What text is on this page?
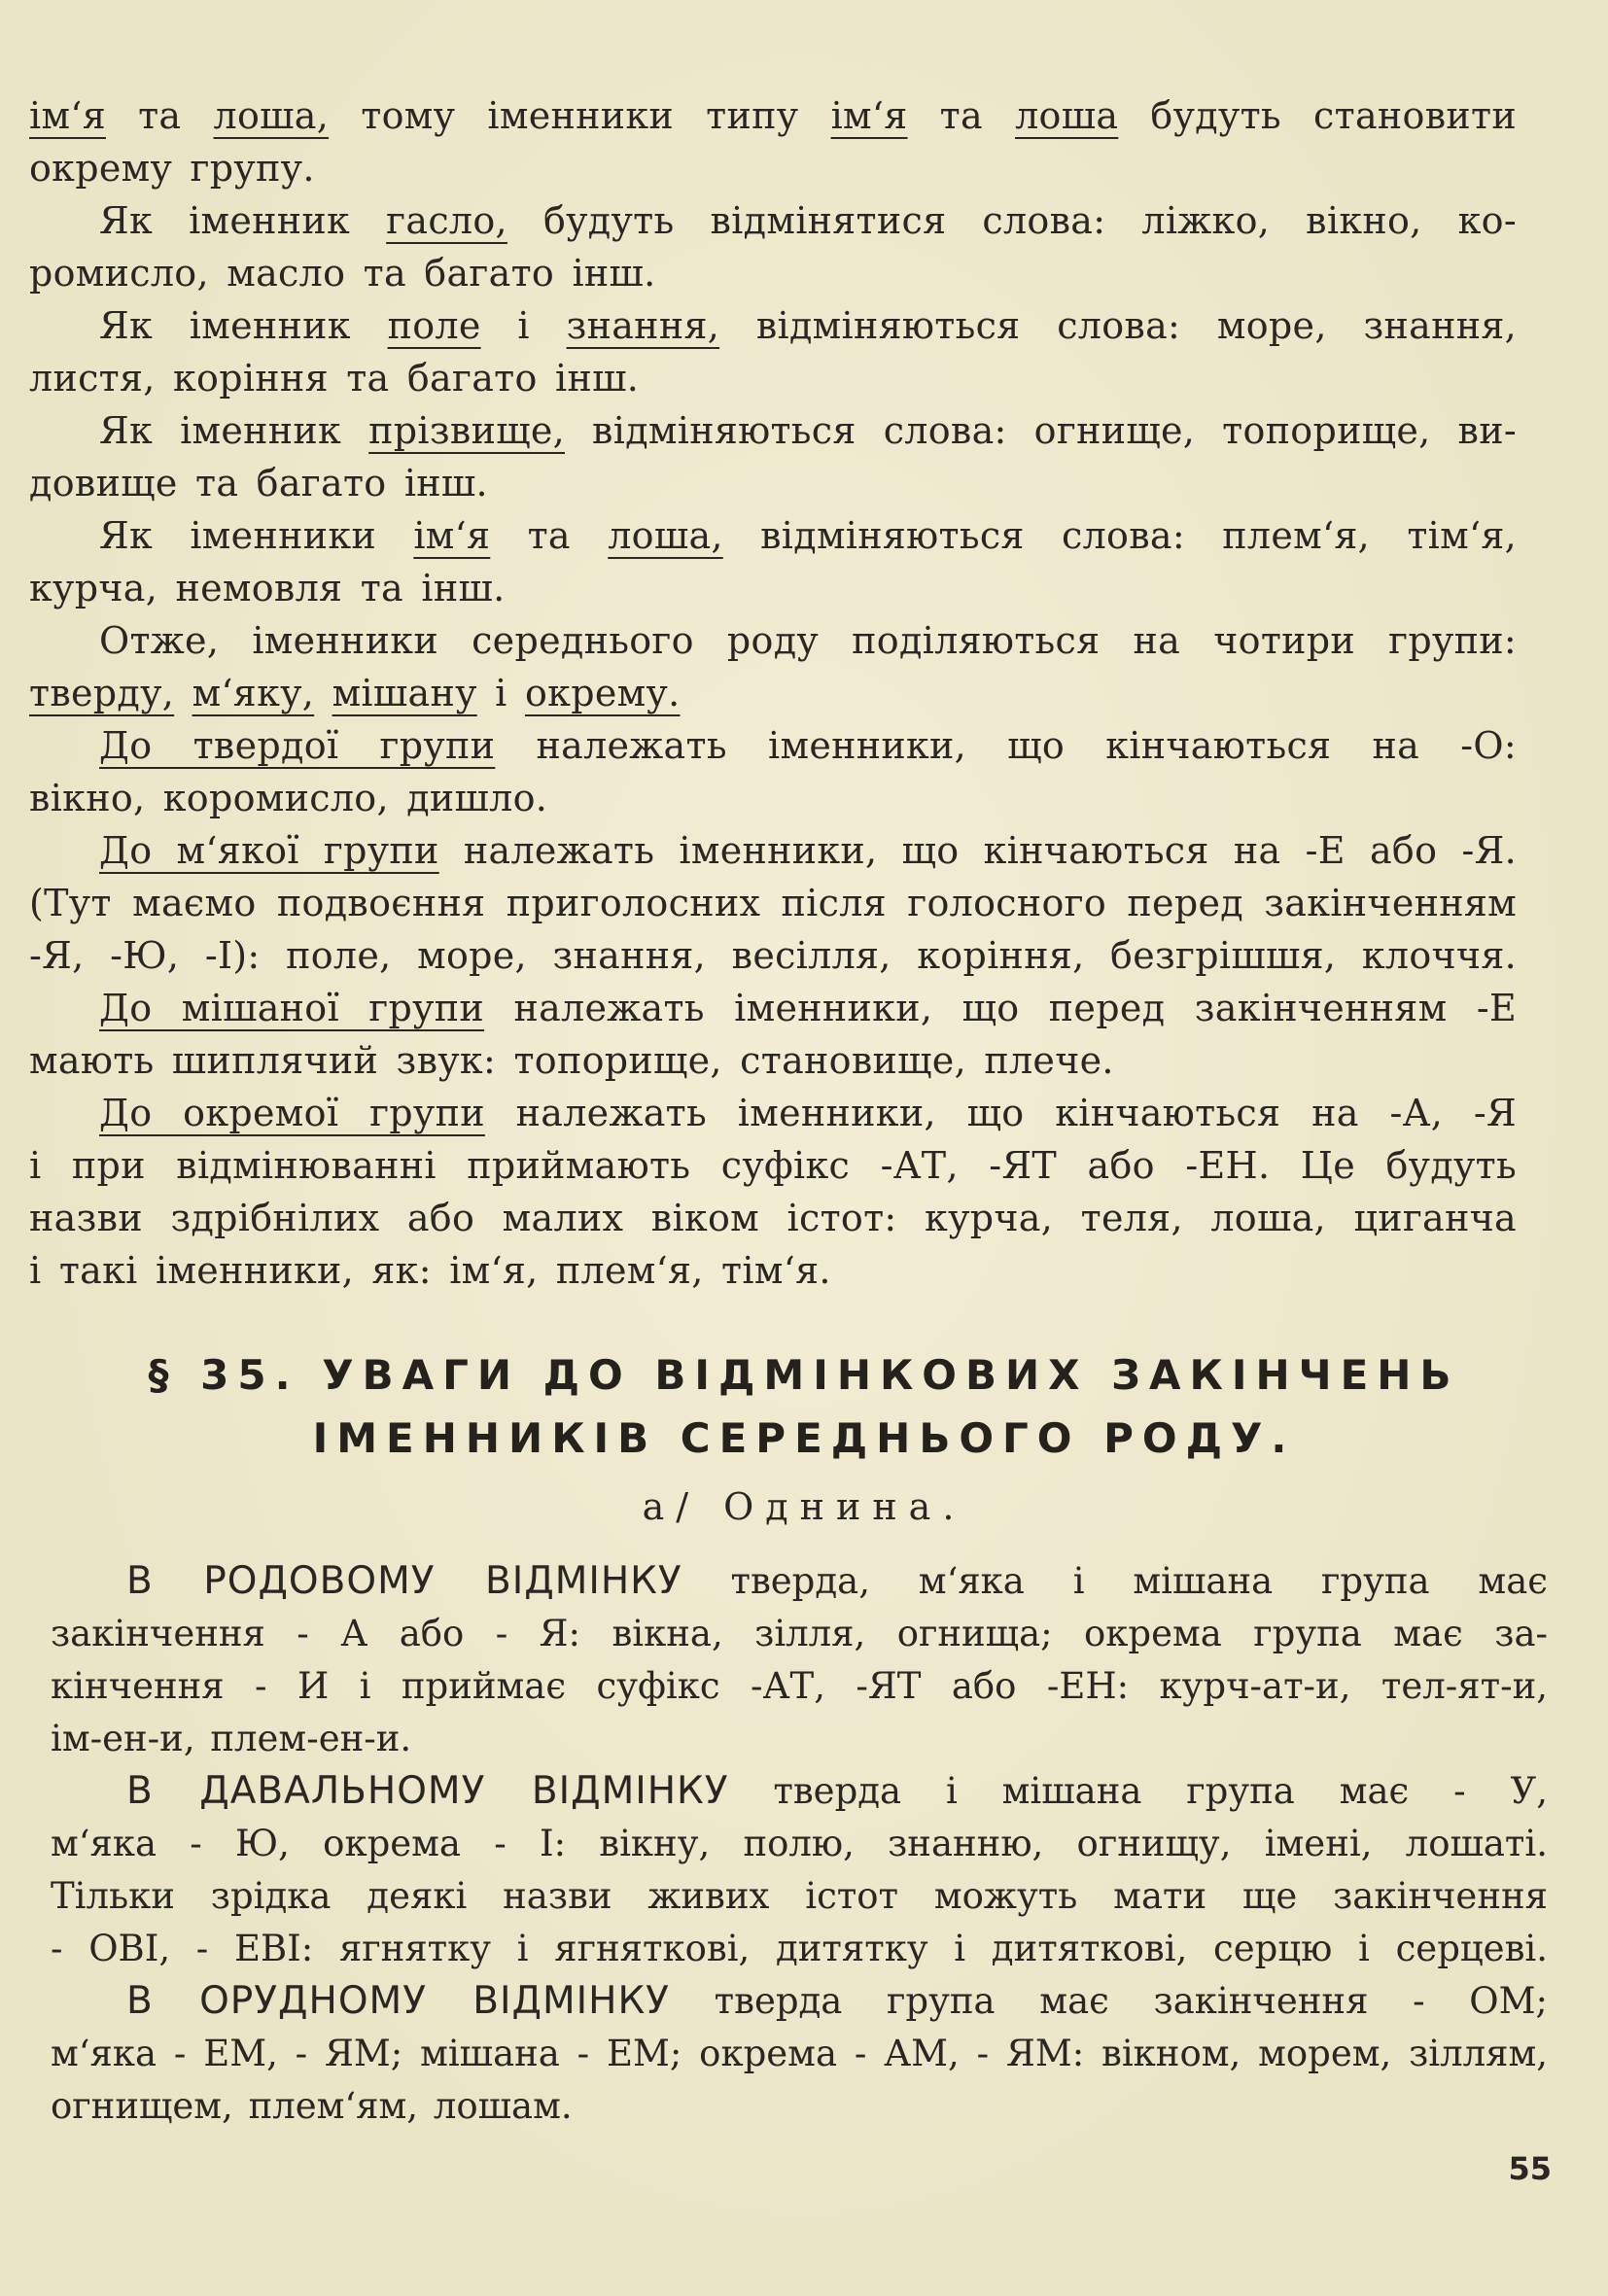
ім‘я та лоша, тому іменники типу ім‘я та лоша будуть становити
окрему групу.
Як іменник гасло, будуть відмінятися слова: ліжко, вікно, ко-
ромисло, масло та багато інш.
Як іменник поле і знання, відміняються слова: море, знання,
листя, коріння та багато інш.
Як іменник прізвище, відміняються слова: огнище, топорище, ви-
довище та багато інш.
Як іменники ім‘я та лоша, відміняються слова: плем‘я, тім‘я,
курча, немовля та інш.
Отже, іменники середнього роду поділяються на чотири групи:
тверду, м‘яку, мішану і окрему.
До твердої групи належать іменники, що кінчаються на -О:
вікно, коромисло, дишло.
До м‘якої групи належать іменники, що кінчаються на -Е або -Я.
(Тут маємо подвоєння приголосних після голосного перед закінченням
-Я, -Ю, -І): поле, море, знання, весілля, коріння, безгрішшя, клоччя.
До мішаної групи належать іменники, що перед закінченням -Е
мають шиплячий звук: топорище, становище, плече.
До окремої групи належать іменники, що кінчаються на -А, -Я
і при відмінюванні приймають суфікс -АТ, -ЯТ або -ЕН. Це будуть
назви здрібнілих або малих віком істот: курча, теля, лоша, циганча
і такі іменники, як: ім‘я, плем‘я, тім‘я.
§ 35. УВАГИ ДО ВІДМІНКОВИХ ЗАКІНЧЕНЬ
ІМЕННИКІВ СЕРЕДНЬОГО РОДУ.
а/ Однина.
В РОДОВОМУ ВІДМІНКУ тверда, м‘яка і мішана група має
закінчення - А або - Я: вікна, зілля, огнища; окрема група має за-
кінчення - И і приймає суфікс -АТ, -ЯТ або -ЕН: курч-ат-и, тел-ят-и,
ім-ен-и, плем-ен-и.
В ДАВАЛЬНОМУ ВІДМІНКУ тверда і мішана група має - У,
м‘яка - Ю, окрема - І: вікну, полю, знанню, огнищу, імені, лошаті.
Тільки зрідка деякі назви живих істот можуть мати ще закінчення
- ОВІ, - ЕВІ: ягнятку і ягняткові, дитятку і дитяткові, серцю і серцеві.
В ОРУДНОМУ ВІДМІНКУ тверда група має закінчення - ОМ;
м‘яка - ЕМ, - ЯМ; мішана - ЕМ; окрема - АМ, - ЯМ: вікном, морем, зіллям,
огнищем, плем‘ям, лошам.
55
